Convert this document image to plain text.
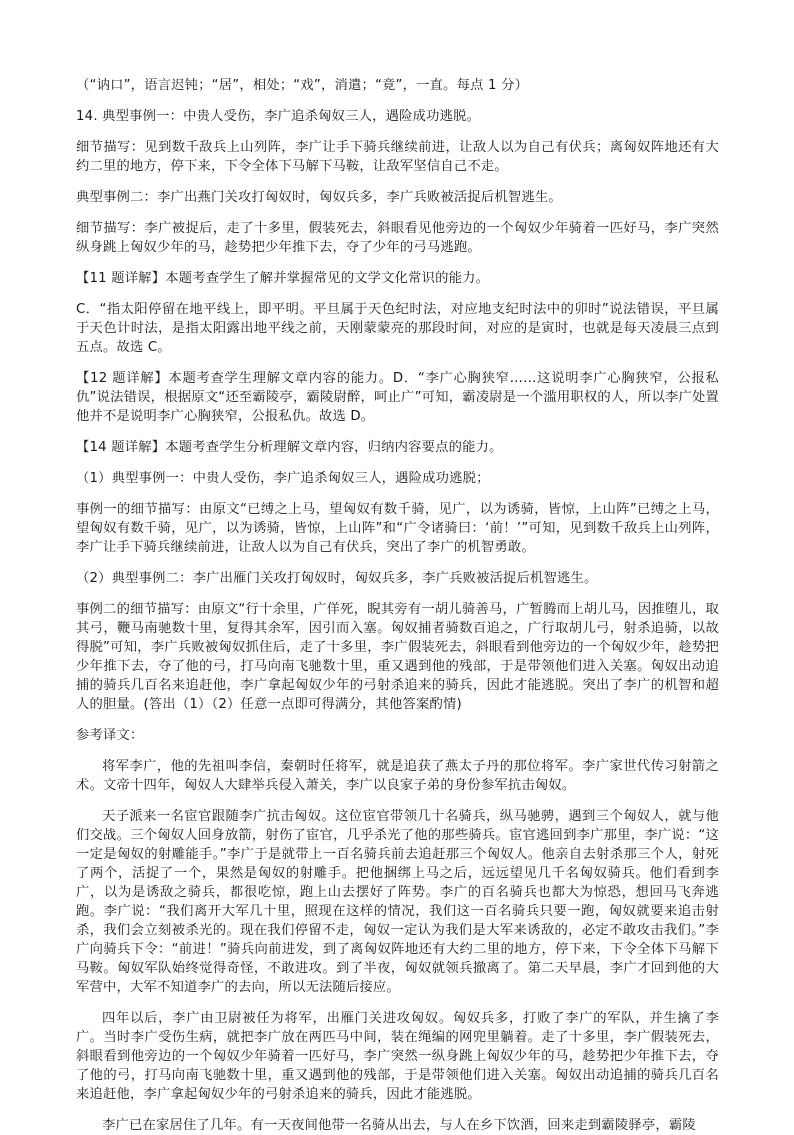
（“讷口”，语言迟钝；“居”，相处；“戏”，消遣；“竟”，一直。每点 1 分）

14. 典型事例一：中贵人受伤，李广追杀匈奴三人，遇险成功逃脱。

细节描写：见到数千敌兵上山列阵，李广让手下骑兵继续前进，让敌人以为自己有伏兵；离匈奴阵地还有大约二里的地方，停下来，下令全体下马解下马鞍，让敌军坚信自己不走。

典型事例二：李广出燕门关攻打匈奴时，匈奴兵多，李广兵败被活捉后机智逃生。

细节描写：李广被捉后，走了十多里，假装死去，斜眼看见他旁边的一个匈奴少年骑着一匹好马，李广突然纵身跳上匈奴少年的马，趁势把少年推下去，夺了少年的弓马逃跑。

【11 题详解】本题考查学生了解并掌握常见的文学文化常识的能力。

C．“指太阳停留在地平线上，即平明。平旦属于天色纪时法，对应地支纪时法中的卯时”说法错误，平旦属于天色计时法，是指太阳露出地平线之前，天刚蒙蒙亮的那段时间，对应的是寅时，也就是每天凌晨三点到五点。故选 C。

【12 题详解】本题考查学生理解文章内容的能力。D．“李广心胸狭窄……这说明李广心胸狭窄，公报私仇”说法错误，根据原文“还至霸陵亭，霸陵尉醉，呵止广”可知，霸凌尉是一个滥用职权的人，所以李广处置他并不是说明李广心胸狭窄，公报私仇。故选 D。

【14 题详解】本题考查学生分析理解文章内容，归纳内容要点的能力。

（1）典型事例一：中贵人受伤，李广追杀匈奴三人，遇险成功逃脱；

事例一的细节描写：由原文“已缚之上马，望匈奴有数千骑，见广，以为诱骑，皆惊，上山阵”已缚之上马，望匈奴有数千骑，见广，以为诱骑，皆惊，上山阵”和“广令诸骑曰：‘前！’”可知，见到数千敌兵上山列阵，李广让手下骑兵继续前进，让敌人以为自己有伏兵，突出了李广的机智勇敢。

（2）典型事例二：李广出雁门关攻打匈奴时，匈奴兵多，李广兵败被活捉后机智逃生。

事例二的细节描写：由原文“行十余里，广佯死，睨其旁有一胡儿骑善马，广暂腾而上胡儿马，因推堕儿，取其弓，鞭马南驰数十里，复得其余军，因引而入塞。匈奴捕者骑数百追之，广行取胡儿弓，射杀追骑，以故得脱”可知，李广兵败被匈奴抓住后，走了十多里，李广假装死去，斜眼看到他旁边的一个匈奴少年，趁势把少年推下去，夺了他的弓，打马向南飞驰数十里，重又遇到他的残部，于是带领他们进入关塞。匈奴出动追捕的骑兵几百名来追赶他，李广拿起匈奴少年的弓射杀追来的骑兵，因此才能逃脱。突出了李广的机智和超人的胆量。(答出（1）（2）任意一点即可得满分，其他答案酌情)

参考译文：

将军李广，他的先祖叫李信，秦朝时任将军，就是追获了燕太子丹的那位将军。李广家世代传习射箭之术。文帝十四年，匈奴人大肆举兵侵入萧关，李广以良家子弟的身份参军抗击匈奴。

天子派来一名宦官跟随李广抗击匈奴。这位宦官带领几十名骑兵，纵马驰骋，遇到三个匈奴人，就与他们交战。三个匈奴人回身放箭，射伤了宦官，几乎杀光了他的那些骑兵。宦官逃回到李广那里，李广说：“这一定是匈奴的射雕能手。”李广于是就带上一百名骑兵前去追赶那三个匈奴人。他亲自去射杀那三个人，射死了两个，活捉了一个，果然是匈奴的射雕手。把他捆绑上马之后，远远望见几千名匈奴骑兵。他们看到李广，以为是诱敌之骑兵，都很吃惊，跑上山去摆好了阵势。李广的百名骑兵也都大为惊恐，想回马飞奔逃跑。李广说：“我们离开大军几十里，照现在这样的情况，我们这一百名骑兵只要一跑，匈奴就要来追击射杀，我们会立刻被杀光的。现在我们停留不走，匈奴一定认为我们是大军来诱敌的，必定不敢攻击我们。”李广向骑兵下令：“前进！”骑兵向前进发，到了离匈奴阵地还有大约二里的地方，停下来，下令全体下马解下马鞍。匈奴军队始终觉得奇怪，不敢进攻。到了半夜，匈奴就领兵撤离了。第二天早晨，李广才回到他的大军营中，大军不知道李广的去向，所以无法随后接应。

四年以后，李广由卫尉被任为将军，出雁门关进攻匈奴。匈奴兵多，打败了李广的军队，并生擒了李广。当时李广受伤生病，就把李广放在两匹马中间，装在绳编的网兜里躺着。走了十多里，李广假装死去，斜眼看到他旁边的一个匈奴少年骑着一匹好马，李广突然一纵身跳上匈奴少年的马，趁势把少年推下去，夺了他的弓，打马向南飞驰数十里，重又遇到他的残部，于是带领他们进入关塞。匈奴出动追捕的骑兵几百名来追赶他，李广拿起匈奴少年的弓射杀追来的骑兵，因此才能逃脱。

李广已在家居住了几年。有一天夜间他带一名骑从出去，与人在乡下饮酒，回来走到霸陵驿亭，霸陵
